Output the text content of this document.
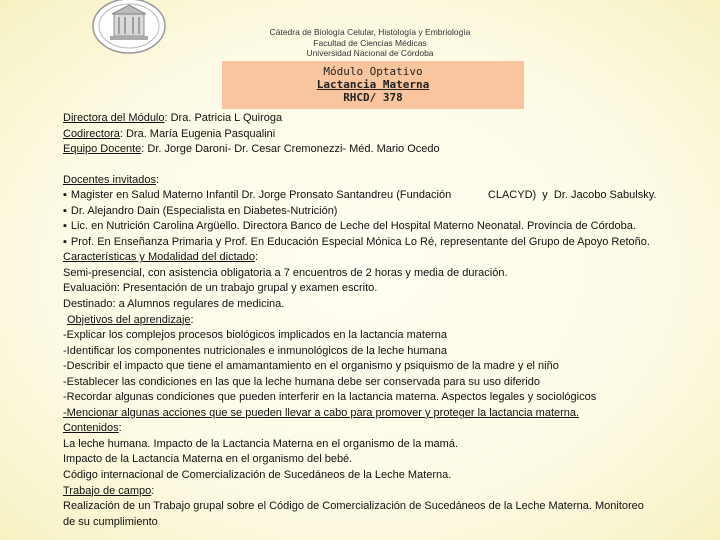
Cátedra de Biología Celular, Histología y Embriología
Facultad de Ciencias Médicas
Universidad Nacional de Córdoba
Módulo Optativo
Lactancia Materna
RHCD/ 378

Directora del Módulo: Dra. Patricia L Quiroga

Codirectora: Dra. María Eugenia Pasqualini

Equipo Docente: Dr. Jorge Daroni- Dr. Cesar Cremonezzi- Méd. Mario Ocedo

Docentes invitados:

▪ Magister en Salud Materno Infantil Dr. Jorge Pronsato Santandreu (Fundación            CLACYD)  y  Dr. Jacobo Sabulsky.

▪ Dr. Alejandro Dain (Especialista en Diabetes-Nutrición)

▪ Lic. en Nutrición Carolina Argüello. Directora Banco de Leche del Hospital Materno Neonatal. Provincia de Córdoba.

▪ Prof. En Enseñanza Primaria y Prof. En Educación Especial Mónica Lo Ré, representante del Grupo de Apoyo Retoño.

Características y Modalidad del dictado:

Semi-presencial, con asistencia obligatoria a 7 encuentros de 2 horas y media de duración.

Evaluación: Presentación de un trabajo grupal y examen escrito.

Destinado: a Alumnos regulares de medicina.

Objetivos del aprendizaje:

-Explicar los complejos procesos biológicos implicados en la lactancia materna

-Identificar los componentes nutricionales e inmunológicos de la leche humana

-Describir el impacto que tiene el amamantamiento en el organismo y psiquismo de la madre y el niño

-Establecer las condiciones en las que la leche humana debe ser conservada para su uso diferido

-Recordar algunas condiciones que pueden interferir en la lactancia materna. Aspectos legales y sociológicos

-Mencionar algunas acciones que se pueden llevar a cabo para promover y proteger la lactancia materna.

Contenidos:

La leche humana. Impacto de la Lactancia Materna en el organismo de la mamá.

Impacto de la Lactancia Materna en el organismo del bebé.

Código internacional de Comercialización de Sucedáneos de la Leche Materna.

Trabajo de campo:

Realización de un Trabajo grupal sobre el Código de Comercialización de Sucedáneos de la Leche Materna. Monitoreo

de su cumplimiento
